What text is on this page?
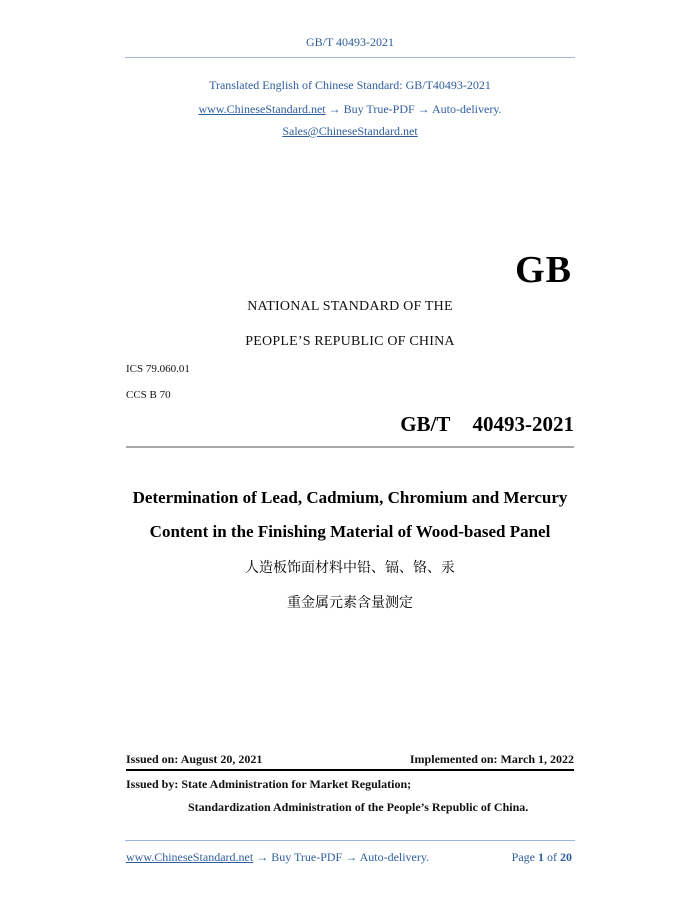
GB/T 40493-2021
Translated English of Chinese Standard: GB/T40493-2021
www.ChineseStandard.net → Buy True-PDF → Auto-delivery.
Sales@ChineseStandard.net
GB
NATIONAL STANDARD OF THE
PEOPLE’S REPUBLIC OF CHINA
ICS 79.060.01
CCS B 70
GB/T  40493-2021
Determination of Lead, Cadmium, Chromium and Mercury
Content in the Finishing Material of Wood-based Panel
人造板饰面材料中铅、镉、铬、汞
重金属元素含量测定
Issued on: August 20, 2021	Implemented on: March 1, 2022
Issued by: State Administration for Market Regulation;
Standardization Administration of the People’s Republic of China.
www.ChineseStandard.net → Buy True-PDF → Auto-delivery.	Page 1 of 20
